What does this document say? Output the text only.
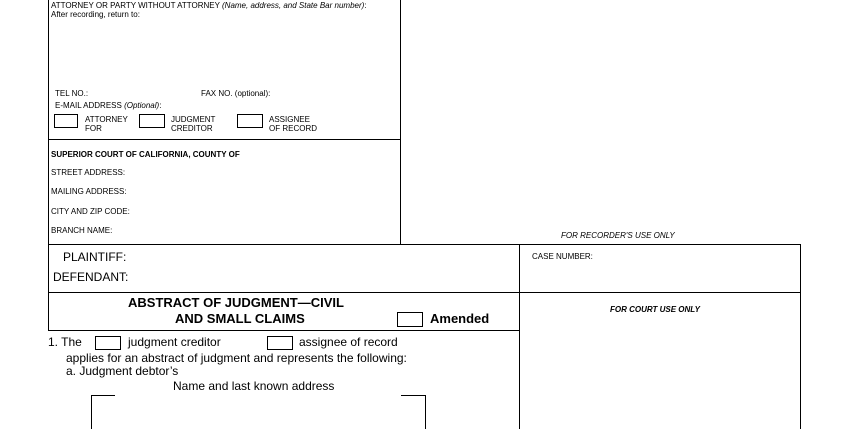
ATTORNEY OR PARTY WITHOUT ATTORNEY (Name, address, and State Bar number):
After recording, return to:
TEL NO.:	FAX NO. (optional):
E-MAIL ADDRESS (Optional):
ATTORNEY
FOR
JUDGMENT
CREDITOR
ASSIGNEE
OF RECORD
SUPERIOR COURT OF CALIFORNIA, COUNTY OF
STREET ADDRESS:
MAILING ADDRESS:
CITY AND ZIP CODE:
BRANCH NAME:
FOR RECORDER'S USE ONLY
PLAINTIFF:
DEFENDANT:
CASE NUMBER:
ABSTRACT OF JUDGMENT—CIVIL
AND SMALL CLAIMS	Amended
FOR COURT USE ONLY
1. The	judgment creditor	assignee of record
applies for an abstract of judgment and represents the following:
a. Judgment debtor’s
Name and last known address
